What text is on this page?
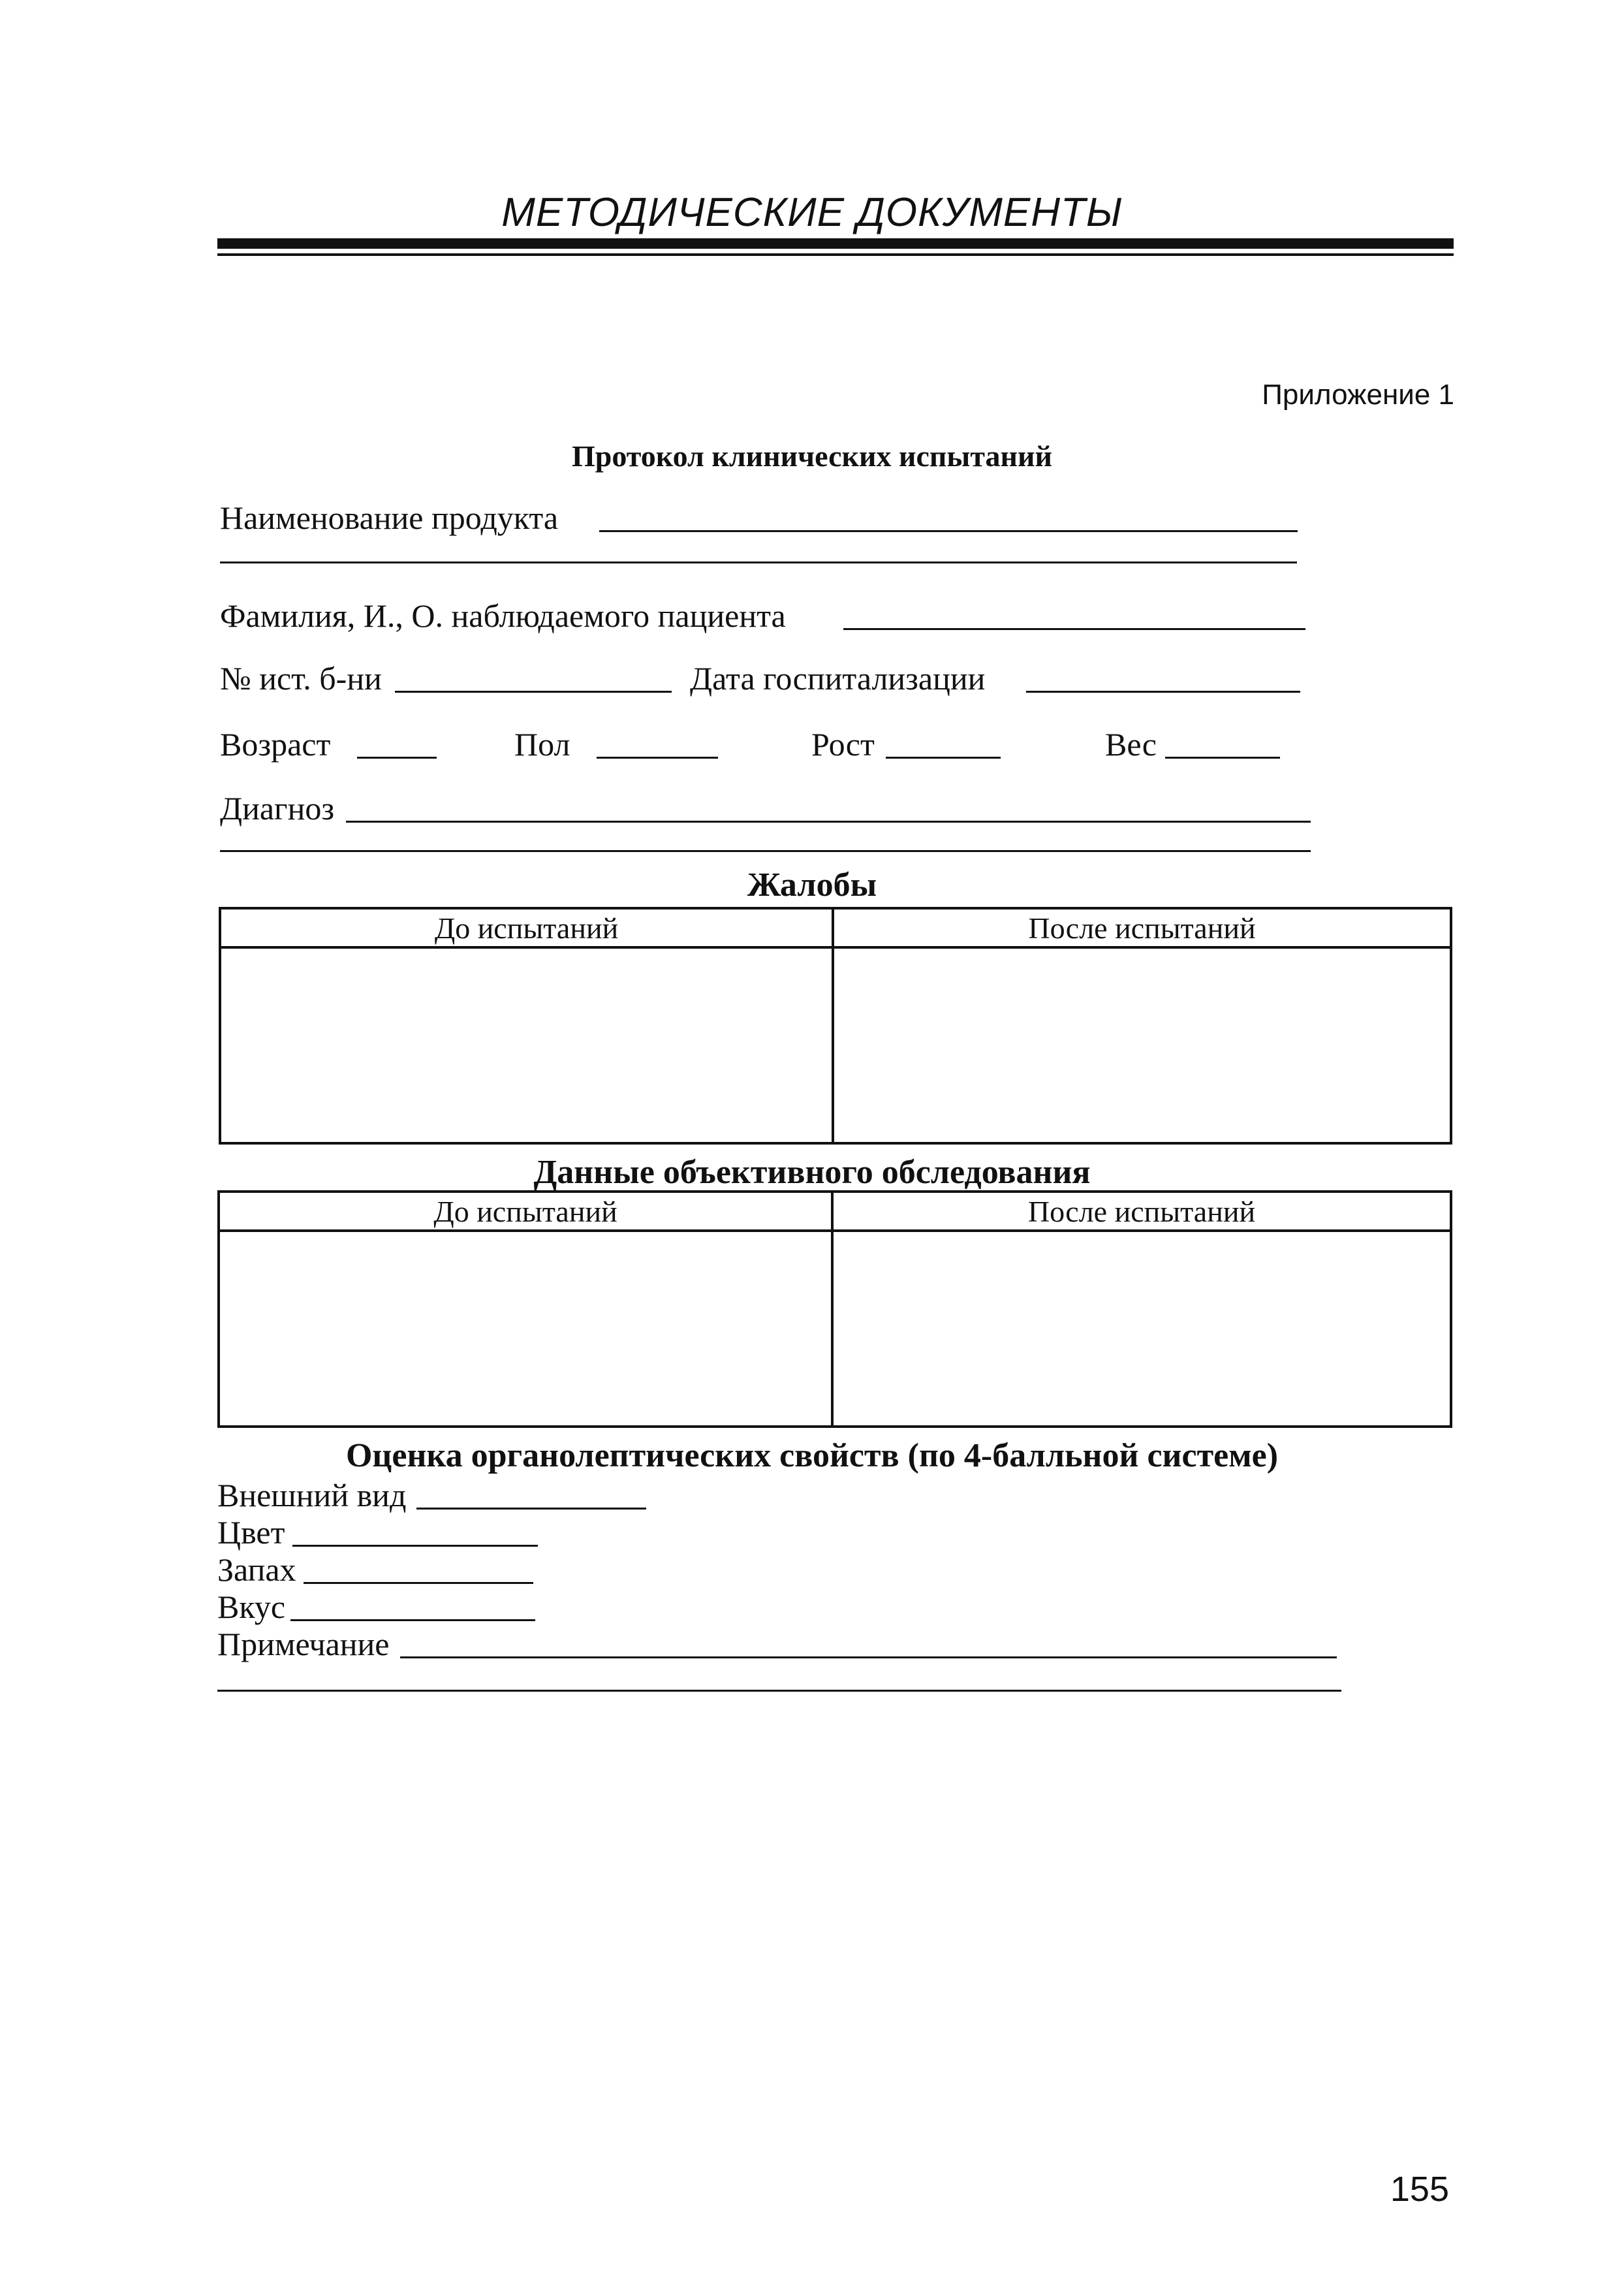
МЕТОДИЧЕСКИЕ ДОКУМЕНТЫ
Приложение 1
Протокол клинических испытаний
Наименование продукта
Фамилия, И., О. наблюдаемого пациента
№ ист. б-ни	Дата госпитализации
Возраст	Пол	Рост	Вес
Диагноз
Жалобы
До испытаний	После испытаний

Данные объективного обследования
До испытаний	После испытаний

Оценка органолептических свойств (по 4-балльной системе)
Внешний вид
Цвет
Запах
Вкус
Примечание
155
